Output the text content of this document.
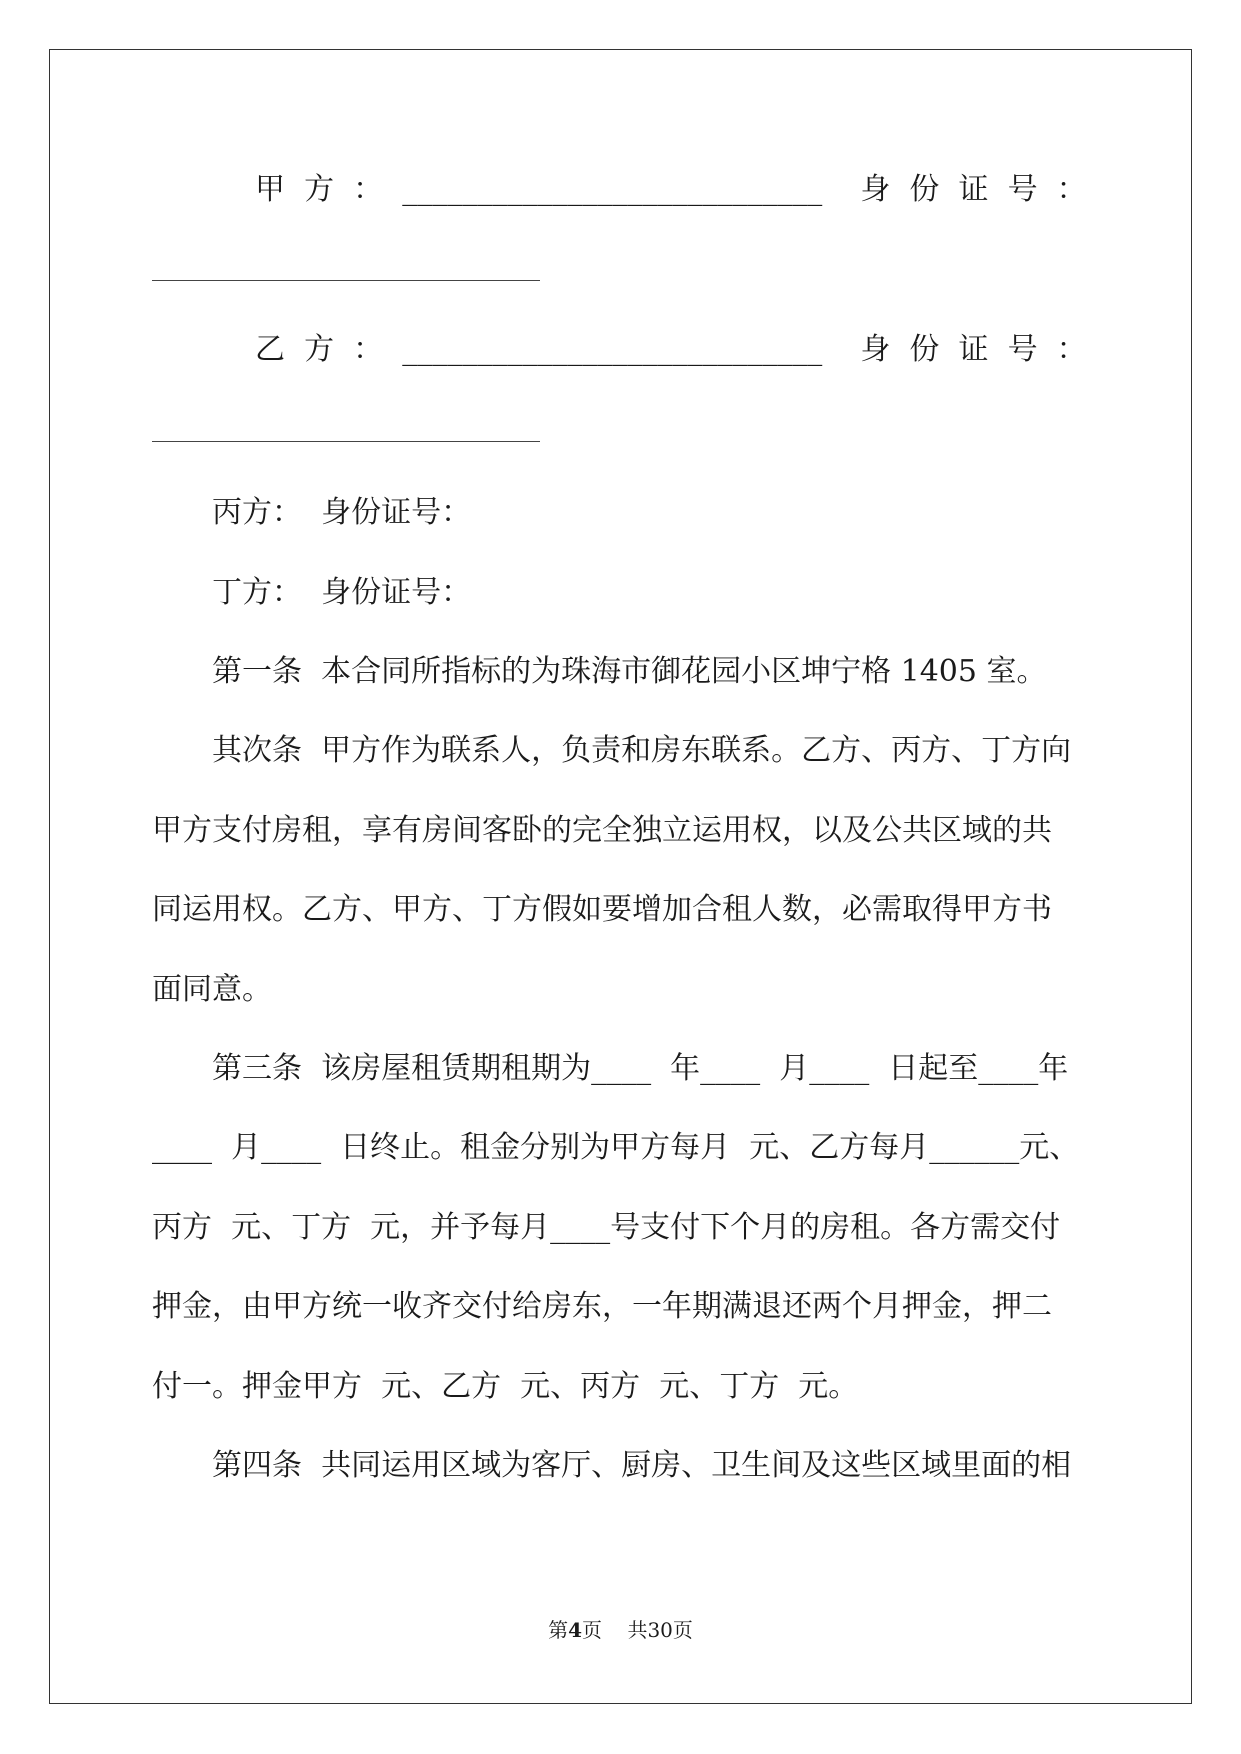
甲  方  ：  ____________________________    身  份  证  号  ：
乙  方  ：  ____________________________    身  份  证  号  ：
丙方：  身份证号：
丁方：  身份证号：
第一条  本合同所指标的为珠海市御花园小区坤宁格 1405 室。
其次条  甲方作为联系人，负责和房东联系。乙方、丙方、丁方向
甲方支付房租，享有房间客卧的完全独立运用权，以及公共区域的共
同运用权。乙方、甲方、丁方假如要增加合租人数，必需取得甲方书
面同意。
第三条  该房屋租赁期租期为____  年____  月____  日起至____年
____  月____  日终止。租金分别为甲方每月  元、乙方每月______元、
丙方  元、丁方  元，并予每月____号支付下个月的房租。各方需交付
押金，由甲方统一收齐交付给房东，一年期满退还两个月押金，押二
付一。押金甲方  元、乙方  元、丙方  元、丁方  元。
第四条  共同运用区域为客厅、厨房、卫生间及这些区域里面的相
第4页    共30页
